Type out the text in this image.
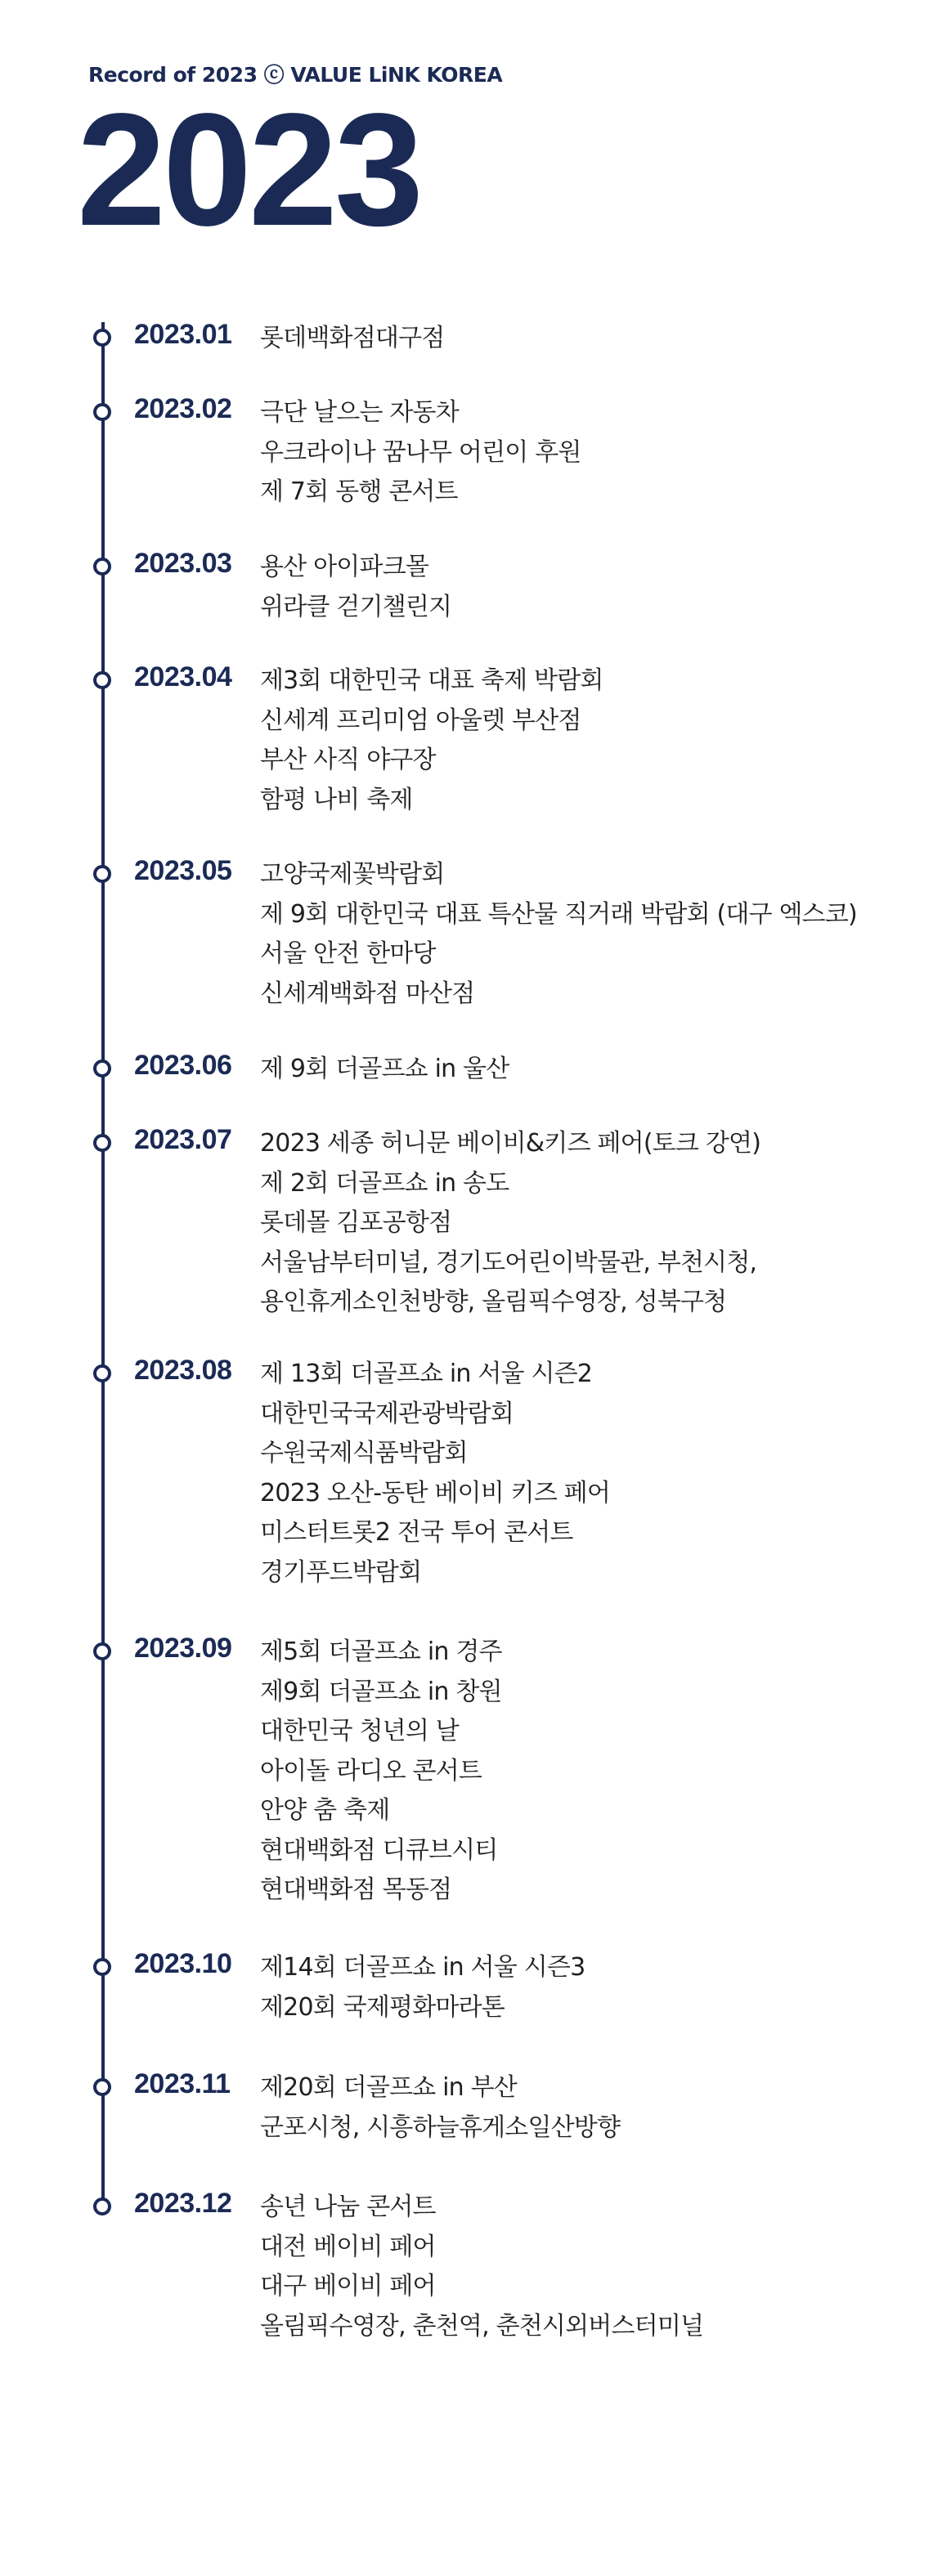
Record of 2023 ⓒ VALUE LiNK KOREA
2023
2023.01 롯데백화점대구점
2023.02 극단 날으는 자동차
우크라이나 꿈나무 어린이 후원
제 7회 동행 콘서트
2023.03 용산 아이파크몰
위라클 걷기챌린지
2023.04 제3회 대한민국 대표 축제 박람회
신세계 프리미엄 아울렛 부산점
부산 사직 야구장
함평 나비 축제
2023.05 고양국제꽃박람회
제 9회 대한민국 대표 특산물 직거래 박람회 (대구 엑스코)
서울 안전 한마당
신세계백화점 마산점
2023.06 제 9회 더골프쇼 in 울산
2023.07 2023 세종 허니문 베이비&키즈 페어(토크 강연)
제 2회 더골프쇼 in 송도
롯데몰 김포공항점
서울남부터미널, 경기도어린이박물관, 부천시청,
용인휴게소인천방향, 올림픽수영장, 성북구청
2023.08 제 13회 더골프쇼 in 서울 시즌2
대한민국국제관광박람회
수원국제식품박람회
2023 오산-동탄 베이비 키즈 페어
미스터트롯2 전국 투어 콘서트
경기푸드박람회
2023.09 제5회 더골프쇼 in 경주
제9회 더골프쇼 in 창원
대한민국 청년의 날
아이돌 라디오 콘서트
안양 춤 축제
현대백화점 디큐브시티
현대백화점 목동점
2023.10 제14회 더골프쇼 in 서울 시즌3
제20회 국제평화마라톤
2023.11 제20회 더골프쇼 in 부산
군포시청, 시흥하늘휴게소일산방향
2023.12 송년 나눔 콘서트
대전 베이비 페어
대구 베이비 페어
올림픽수영장, 춘천역, 춘천시외버스터미널
